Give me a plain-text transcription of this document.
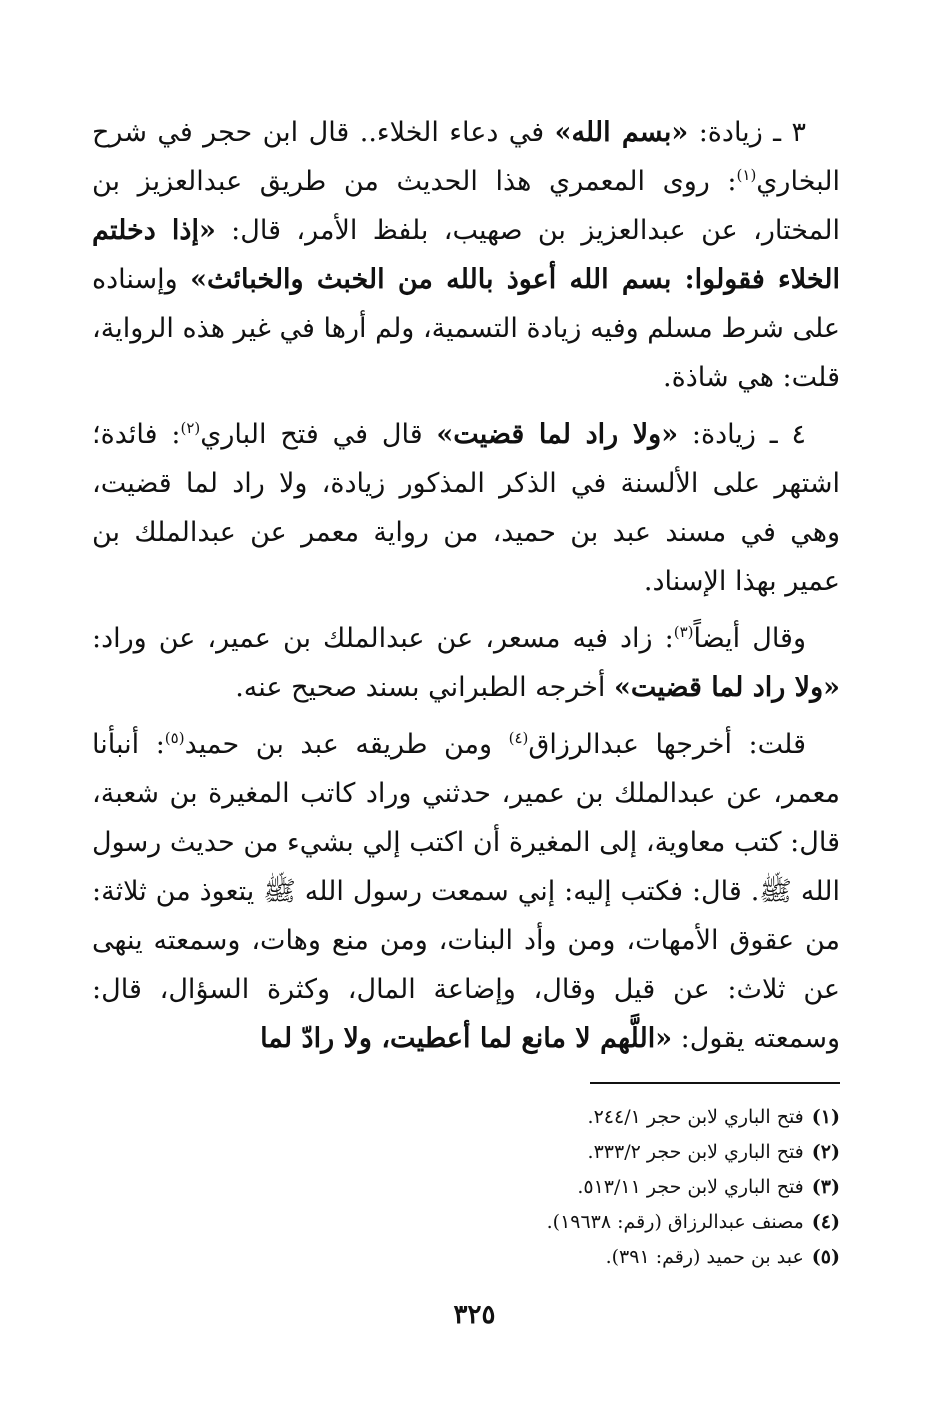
٣ ـ زيادة: «بسم الله» في دعاء الخلاء.. قال ابن حجر في شرح البخاري$^{(١)}$: روى المعمري هذا الحديث من طريق عبدالعزيز بن المختار، عن عبدالعزيز بن صهيب، بلفظ الأمر، قال: «إذا دخلتم الخلاء فقولوا: بسم الله أعوذ بالله من الخبث والخبائث» وإسناده على شرط مسلم وفيه زيادة التسمية، ولم أرها في غير هذه الرواية، قلت: هي شاذة.

٤ ـ زيادة: «ولا راد لما قضيت» قال في فتح الباري$^{(٢)}$: فائدة؛ اشتهر على الألسنة في الذكر المذكور زيادة، ولا راد لما قضيت، وهي في مسند عبد بن حميد، من رواية معمر عن عبدالملك بن عمير بهذا الإسناد.

وقال أيضاً$^{(٣)}$: زاد فيه مسعر، عن عبدالملك بن عمير، عن وراد: «ولا راد لما قضيت» أخرجه الطبراني بسند صحيح عنه.

قلت: أخرجها عبدالرزاق$^{(٤)}$ ومن طريقه عبد بن حميد$^{(٥)}$: أنبأنا معمر، عن عبدالملك بن عمير، حدثني وراد كاتب المغيرة بن شعبة، قال: كتب معاوية، إلى المغيرة أن اكتب إلي بشيء من حديث رسول الله ﷺ. قال: فكتب إليه: إني سمعت رسول الله ﷺ يتعوذ من ثلاثة: من عقوق الأمهات، ومن وأد البنات، ومن منع وهات، وسمعته ينهى عن ثلاث: عن قيل وقال، وإضاعة المال، وكثرة السؤال، قال: وسمعته يقول: «اللَّهم لا مانع لما أعطيت، ولا رادّ لما

(١)فتح الباري لابن حجر ٢٤٤/١.
(٢)فتح الباري لابن حجر ٣٣٣/٢.
(٣)فتح الباري لابن حجر ٥١٣/١١.
(٤)مصنف عبدالرزاق (رقم: ١٩٦٣٨).
(٥)عبد بن حميد (رقم: ٣٩١).
٣٢٥
